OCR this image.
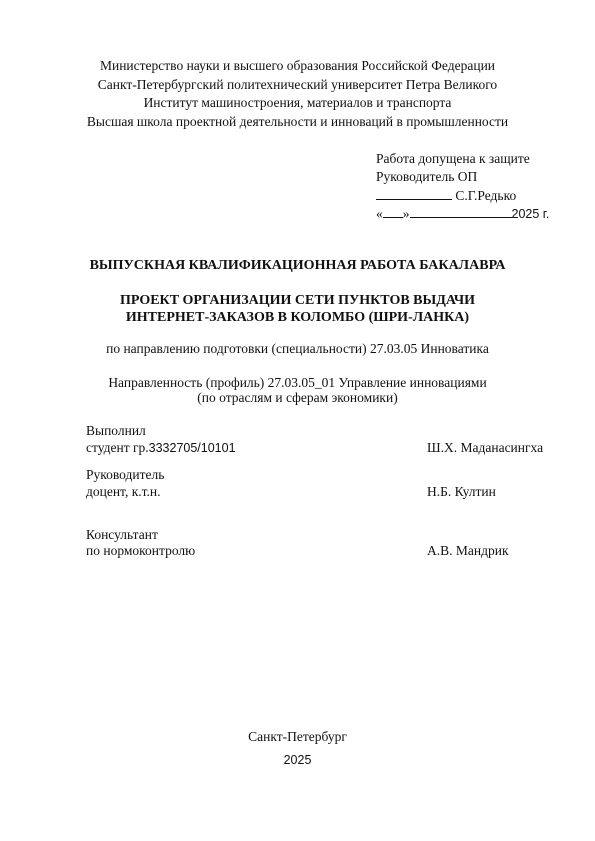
Министерство науки и высшего образования Российской Федерации
Санкт-Петербургский политехнический университет Петра Великого
Институт машиностроения, материалов и транспорта
Высшая школа проектной деятельности и инноваций в промышленности
Работа допущена к защите
Руководитель ОП
С.Г.Редько
« »	2025 г.
ВЫПУСКНАЯ КВАЛИФИКАЦИОННАЯ РАБОТА БАКАЛАВРА
ПРОЕКТ ОРГАНИЗАЦИИ СЕТИ ПУНКТОВ ВЫДАЧИ
ИНТЕРНЕТ-ЗАКАЗОВ В КОЛОМБО (ШРИ-ЛАНКА)
по направлению подготовки (специальности) 27.03.05 Инноватика
Направленность (профиль) 27.03.05_01 Управление инновациями
(по отраслям и сферам экономики)
Выполнил
студент гр.3332705/10101	Ш.Х. Маданасингха
Руководитель
доцент, к.т.н.	Н.Б. Култин
Консультант
по нормоконтролю	А.В. Мандрик
Санкт-Петербург
2025
